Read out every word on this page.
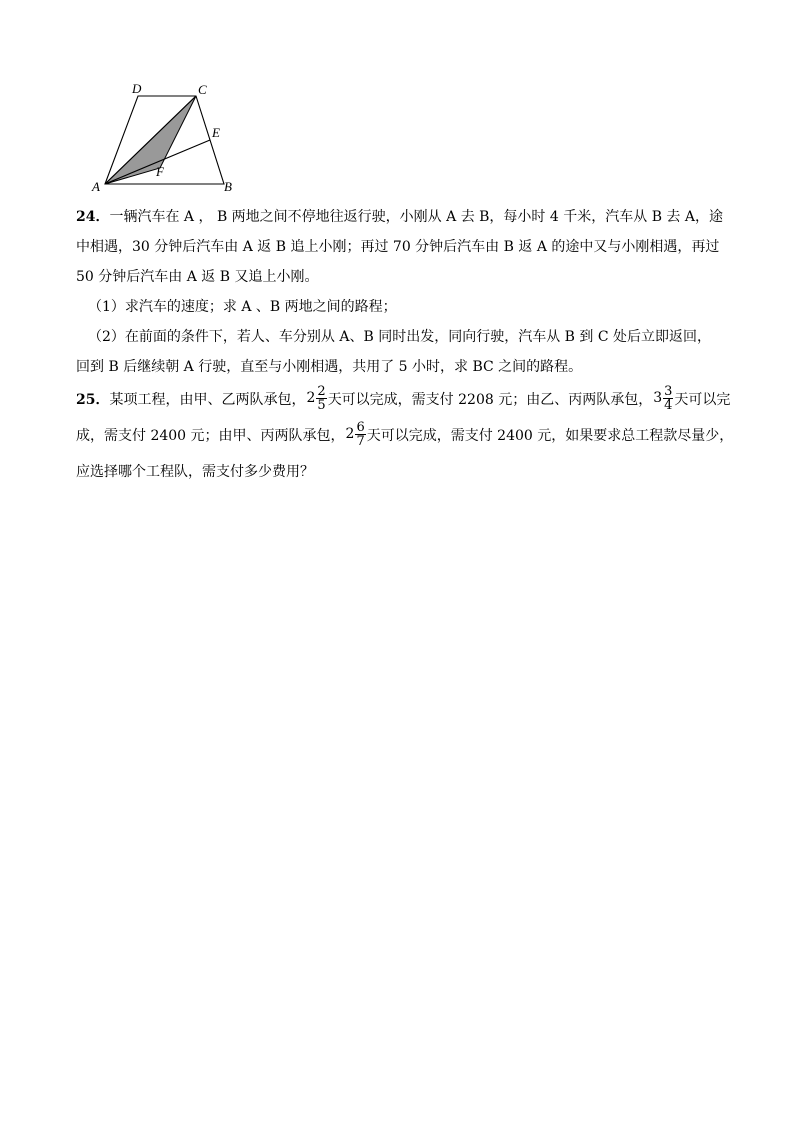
D	C
E
A
F
B

24．一辆汽车在 A ， B 两地之间不停地往返行驶，小刚从 A 去 B，每小时 4 千米，汽车从 B 去 A，途

中相遇，30 分钟后汽车由 A 返 B 追上小刚；再过 70 分钟后汽车由 B 返 A 的途中又与小刚相遇，再过

50 分钟后汽车由 A 返 B 又追上小刚。

（1）求汽车的速度；求 A 、B 两地之间的路程；

（2）在前面的条件下，若人、车分别从 A、B 同时出发，同向行驶，汽车从 B 到 C 处后立即返回，

回到 B 后继续朝 A 行驶，直至与小刚相遇，共用了 5 小时，求 BC 之间的路程。

25．某项工程，由甲、乙两队承包， $2 \frac{2}{5}$ 天可以完成，需支付 2208 元；由乙、丙两队承包， $3 \frac{3}{4}$ 天可以完

成，需支付 2400 元；由甲、丙两队承包， $2 \frac{6}{7}$ 天可以完成，需支付 2400 元，如果要求总工程款尽量少，

应选择哪个工程队，需支付多少费用？
